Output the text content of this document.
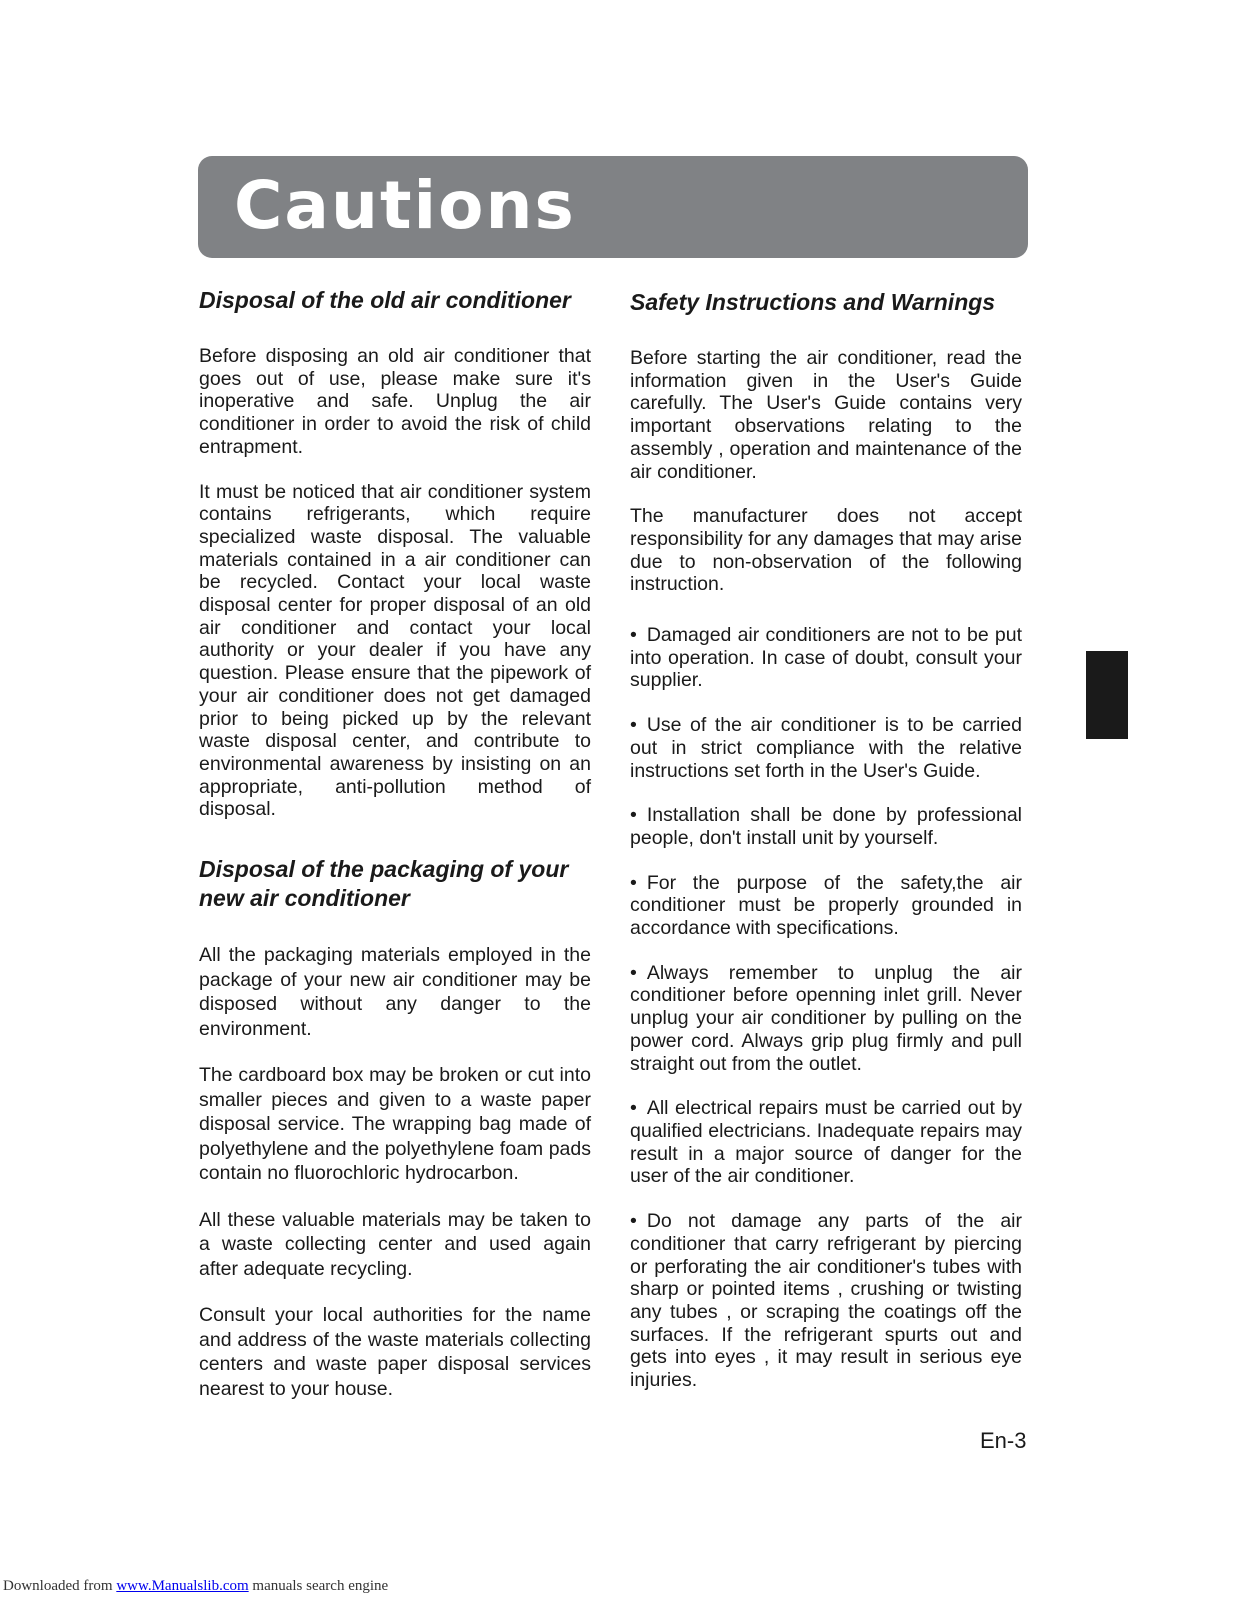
Cautions
Disposal of the old air conditioner

Before disposing an old air conditioner that goes out of use, please make sure it's inoperative and safe. Unplug the air conditioner in order to avoid the risk of child entrapment.

It must be noticed that air conditioner system contains refrigerants, which require specialized waste disposal. The valuable materials contained in a air conditioner can be recycled. Contact your local waste disposal center for proper disposal of an old air conditioner and contact your local authority or your dealer if you have any question. Please ensure that the pipework of your air conditioner does not get damaged prior to being picked up by the relevant waste disposal center, and contribute to environmental awareness by insisting on an appropriate, anti-pollution method of disposal.

Disposal of the packaging of your
new air conditioner

All the packaging materials employed in the package of your new air conditioner may be disposed without any danger to the environment.

The cardboard box may be broken or cut into smaller pieces and given to a waste paper disposal service. The wrapping bag made of polyethylene and the polyethylene foam pads contain no fluorochloric hydrocarbon.

All these valuable materials may be taken to a waste collecting center and used again after adequate recycling.

Consult your local authorities for the name and address of the waste materials collecting centers and waste paper disposal services nearest to your house.

Safety Instructions and Warnings

Before starting the air conditioner, read the information given in the User's Guide carefully. The User's Guide contains very important observations relating to the assembly , operation and maintenance of the air conditioner.

The manufacturer does not accept responsibility for any damages that may arise due to non-observation of the following instruction.

• Damaged air conditioners are not to be put into operation. In case of doubt, consult your supplier.

• Use of the air conditioner is to be carried out in strict compliance with the relative instructions set forth in the User's Guide.

• Installation shall be done by professional people, don't install unit by yourself.

• For the purpose of the safety,the air conditioner must be properly grounded in accordance with specifications.

• Always remember to unplug the air conditioner before openning inlet grill. Never unplug your air conditioner by pulling on the power cord. Always grip plug firmly and pull straight out from the outlet.

• All electrical repairs must be carried out by qualified electricians. Inadequate repairs may result in a major source of danger for the user of the air conditioner.

• Do not damage any parts of the air conditioner that carry refrigerant by piercing or perforating the air conditioner's tubes with sharp or pointed items , crushing or twisting any tubes , or scraping the coatings off the surfaces. If the refrigerant spurts out and gets into eyes , it may result in serious eye injuries.

En-3
Downloaded from www.Manualslib.com manuals search engine
